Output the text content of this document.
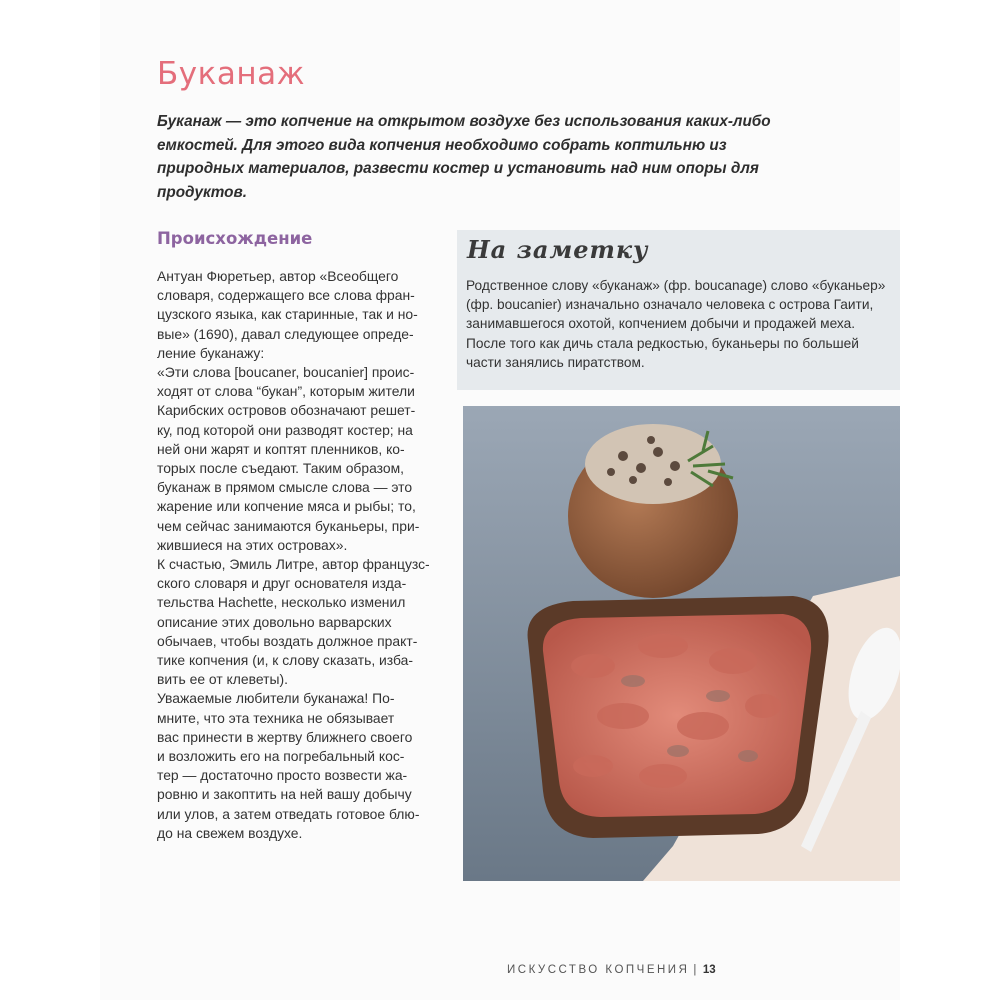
Буканаж

Буканаж — это копчение на открытом воздухе без использования каких-либо емкостей. Для этого вида копчения необходимо собрать коптильню из природных материалов, развести костер и установить над ним опоры для продуктов.

Происхождение

Антуан Фюретьер, автор «Всеобщего
словаря, содержащего все слова фран-
цузского языка, как старинные, так и но-
вые» (1690), давал следующее опреде-
ление буканажу:

«Эти слова [boucaner, boucanier] проис-
ходят от слова “букан”, которым жители
Карибских островов обозначают решет-
ку, под которой они разводят костер; на
ней они жарят и коптят пленников, ко-
торых после съедают. Таким образом,
буканаж в прямом смысле слова — это
жарение или копчение мяса и рыбы; то,
чем сейчас занимаются буканьеры, при-
жившиеся на этих островах».

К счастью, Эмиль Литре, автор французс-
ского словаря и друг основателя изда-
тельства Hachette, несколько изменил
описание этих довольно варварских
обычаев, чтобы воздать должное практ-
тике копчения (и, к слову сказать, изба-
вить ее от клеветы).

Уважаемые любители буканажа! По-
мните, что эта техника не обязывает
вас принести в жертву ближнего своего
и возложить его на погребальный кос-
тер — достаточно просто возвести жа-
ровню и закоптить на ней вашу добычу
или улов, а затем отведать готовое блю-
до на свежем воздухе.

На заметку

Родственное слову «буканаж» (фр. boucanage) слово «буканьер» (фр. boucanier) изначально означало человека с острова Гаити, занимавшегося охотой, копчением добычи и продажей меха. После того как дичь стала редкостью, буканьеры по большей части занялись пиратством.

ИСКУССТВО КОПЧЕНИЯ | 13
